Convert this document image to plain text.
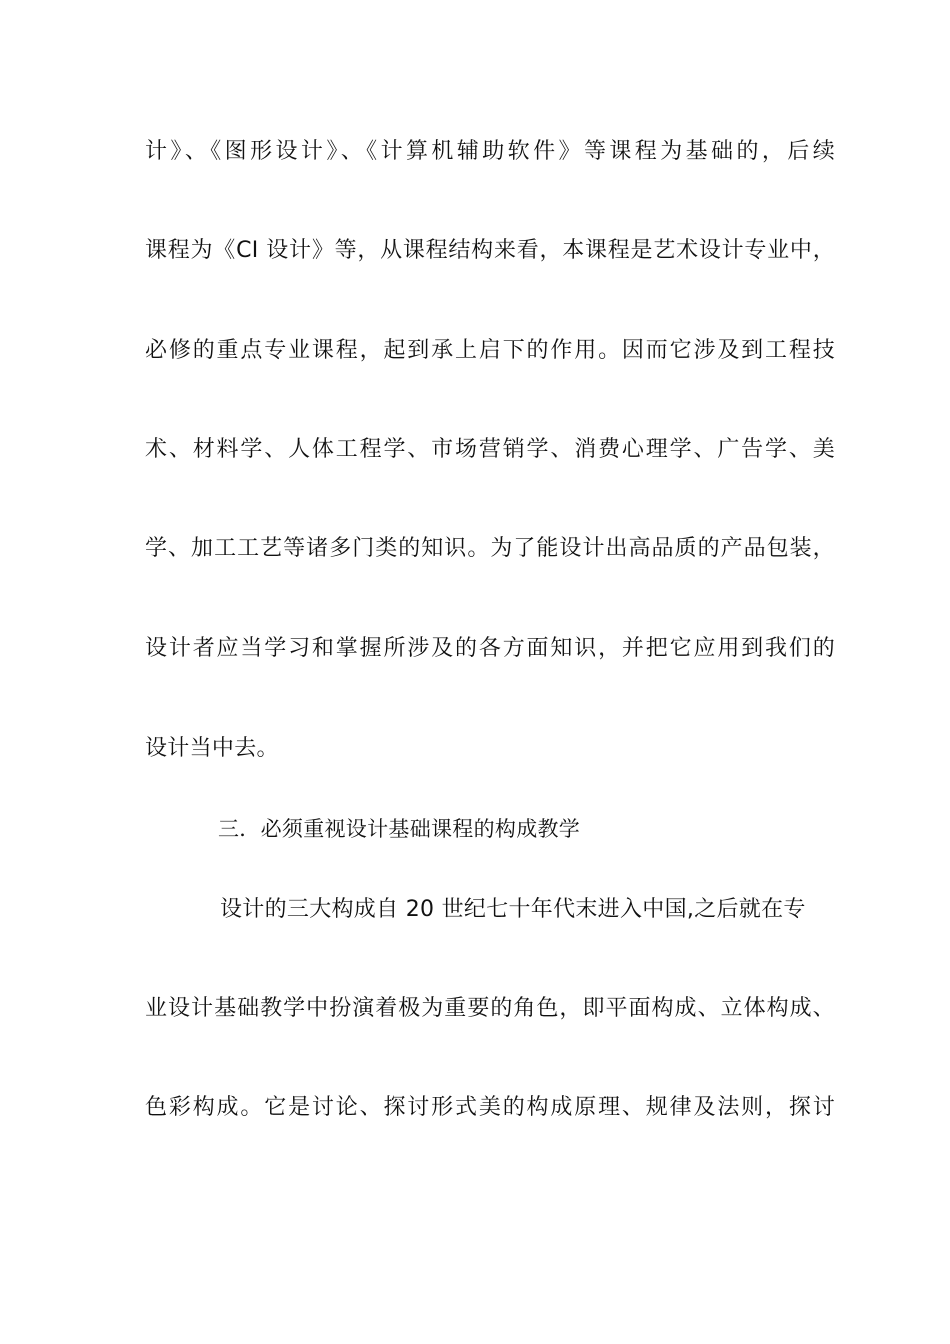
计》、《图形设计》、《计算机辅助软件》等课程为基础的，后续
课程为《CI 设计》等，从课程结构来看，本课程是艺术设计专业中，
必修的重点专业课程，起到承上启下的作用。因而它涉及到工程技
术、材料学、人体工程学、市场营销学、消费心理学、广告学、美
学、加工工艺等诸多门类的知识。为了能设计出高品质的产品包装，
设计者应当学习和掌握所涉及的各方面知识，并把它应用到我们的
设计当中去。
三．必须重视设计基础课程的构成教学
设计的三大构成自 20 世纪七十年代末进入中国,之后就在专
业设计基础教学中扮演着极为重要的角色，即平面构成、立体构成、
色彩构成。它是讨论、探讨形式美的构成原理、规律及法则，探讨
